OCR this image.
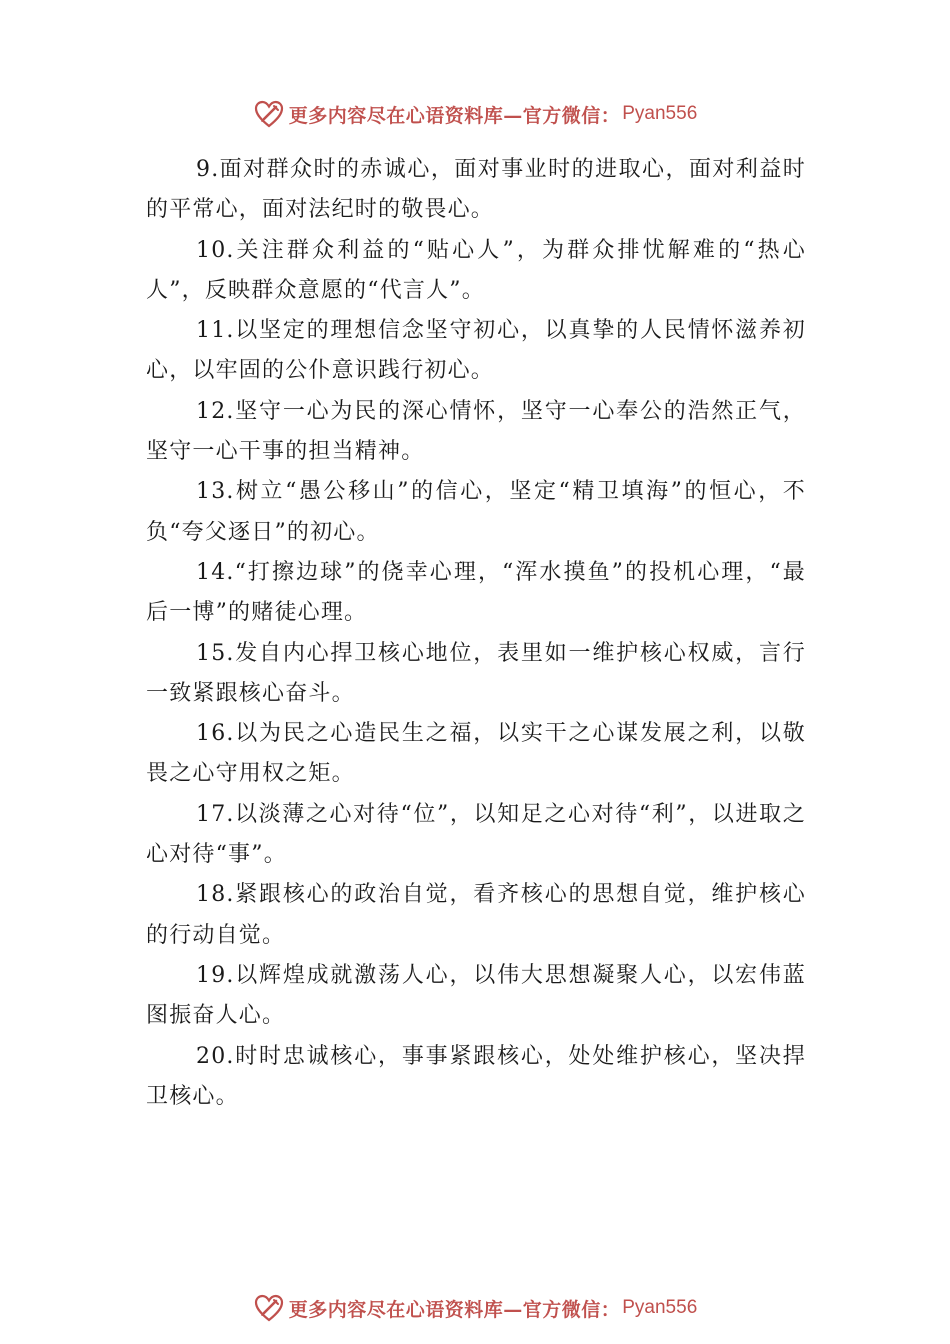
更多内容尽在心语资料库—官方微信： Pyan556

9.面对群众时的赤诚心，面对事业时的进取心，面对利益时的平常心，面对法纪时的敬畏心。

10.关注群众利益的“贴心人”，为群众排忧解难的“热心人”，反映群众意愿的“代言人”。

11.以坚定的理想信念坚守初心，以真挚的人民情怀滋养初心，以牢固的公仆意识践行初心。

12.坚守一心为民的深心情怀，坚守一心奉公的浩然正气，坚守一心干事的担当精神。

13.树立“愚公移山”的信心，坚定“精卫填海”的恒心，不负“夸父逐日”的初心。

14.“打擦边球”的侥幸心理，“浑水摸鱼”的投机心理，“最后一博”的赌徒心理。

15.发自内心捍卫核心地位，表里如一维护核心权威，言行一致紧跟核心奋斗。

16.以为民之心造民生之福，以实干之心谋发展之利，以敬畏之心守用权之矩。

17.以淡薄之心对待“位”，以知足之心对待“利”，以进取之心对待“事”。

18.紧跟核心的政治自觉，看齐核心的思想自觉，维护核心的行动自觉。

19.以辉煌成就激荡人心，以伟大思想凝聚人心，以宏伟蓝图振奋人心。

20.时时忠诚核心，事事紧跟核心，处处维护核心，坚决捍卫核心。

更多内容尽在心语资料库—官方微信： Pyan556
